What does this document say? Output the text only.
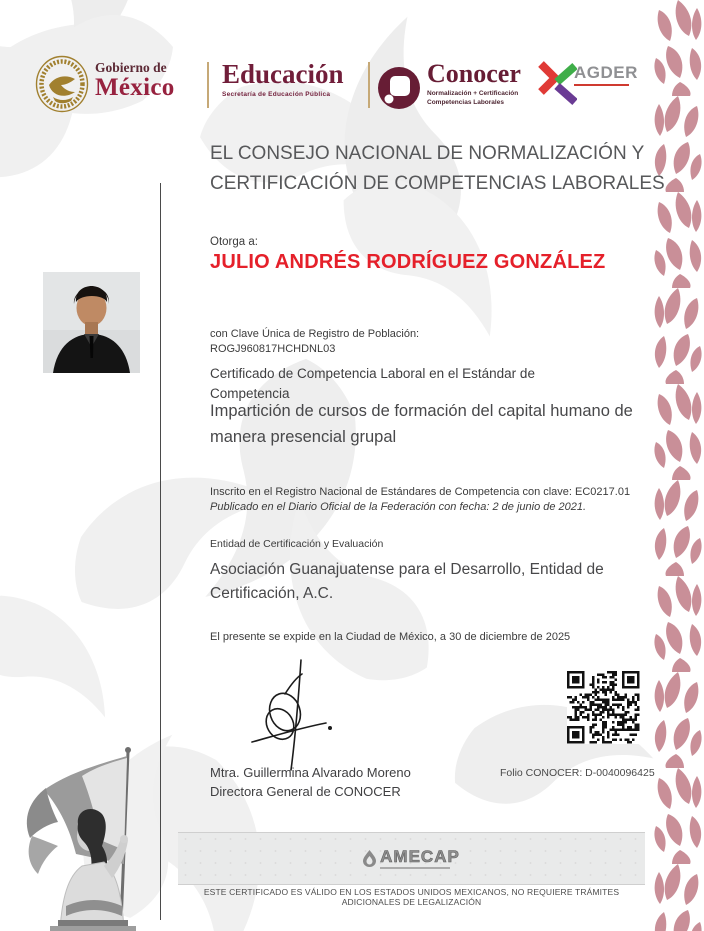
Gobierno de
México Educación
Secretaría de Educación Pública
Conocer
Normalización + Certificación
Competencias Laborales
AGDER
EL CONSEJO NACIONAL DE NORMALIZACIÓN Y CERTIFICACIÓN DE COMPETENCIAS LABORALES
Otorga a:
JULIO ANDRÉS RODRÍGUEZ GONZÁLEZ
con Clave Única de Registro de Población:
ROGJ960817HCHDNL03
Certificado de Competencia Laboral en el Estándar de Competencia
Impartición de cursos de formación del capital humano de manera presencial grupal
Inscrito en el Registro Nacional de Estándares de Competencia con clave: EC0217.01
Publicado en el Diario Oficial de la Federación con fecha: 2 de junio de 2021.
Entidad de Certificación y Evaluación
Asociación Guanajuatense para el Desarrollo, Entidad de Certificación, A.C.
El presente se expide en la Ciudad de México, a 30 de diciembre de 2025
Mtra. Guillermina Alvarado Moreno
Directora General de CONOCER
Folio CONOCER: D-0040096425
AMECAP
ESTE CERTIFICADO ES VÁLIDO EN LOS ESTADOS UNIDOS MEXICANOS, NO REQUIERE TRÁMITES ADICIONALES DE LEGALIZACIÓN
